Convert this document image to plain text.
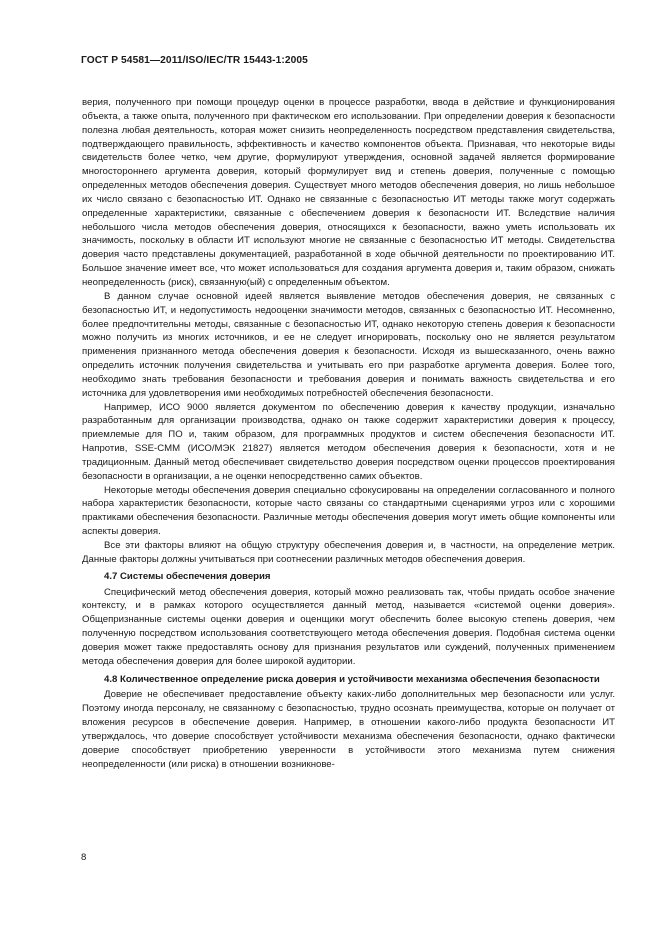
ГОСТ Р 54581—2011/ISO/IEC/TR 15443-1:2005

верия, полученного при помощи процедур оценки в процессе разработки, ввода в действие и функционирования объекта, а также опыта, полученного при фактическом его использовании. При определении доверия к безопасности полезна любая деятельность, которая может снизить неопределенность посредством представления свидетельства, подтверждающего правильность, эффективность и качество компонентов объекта. Признавая, что некоторые виды свидетельств более четко, чем другие, формулируют утверждения, основной задачей является формирование многостороннего аргумента доверия, который формулирует вид и степень доверия, полученные с помощью определенных методов обеспечения доверия. Существует много методов обеспечения доверия, но лишь небольшое их число связано с безопасностью ИТ. Однако не связанные с безопасностью ИТ методы также могут содержать определенные характеристики, связанные с обеспечением доверия к безопасности ИТ. Вследствие наличия небольшого числа методов обеспечения доверия, относящихся к безопасности, важно уметь использовать их значимость, поскольку в области ИТ используют многие не связанные с безопасностью ИТ методы. Свидетельства доверия часто представлены документацией, разработанной в ходе обычной деятельности по проектированию ИТ. Большое значение имеет все, что может использоваться для создания аргумента доверия и, таким образом, снижать неопределенность (риск), связанную(ый) с определенным объектом.

В данном случае основной идеей является выявление методов обеспечения доверия, не связанных с безопасностью ИТ, и недопустимость недооценки значимости методов, связанных с безопасностью ИТ. Несомненно, более предпочтительны методы, связанные с безопасностью ИТ, однако некоторую степень доверия к безопасности можно получить из многих источников, и ее не следует игнорировать, поскольку оно не является результатом применения признанного метода обеспечения доверия к безопасности. Исходя из вышесказанного, очень важно определить источник получения свидетельства и учитывать его при разработке аргумента доверия. Более того, необходимо знать требования безопасности и требования доверия и понимать важность свидетельства и его источника для удовлетворения ими необходимых потребностей обеспечения безопасности.

Например, ИСО 9000 является документом по обеспечению доверия к качеству продукции, изначально разработанным для организации производства, однако он также содержит характеристики доверия к процессу, приемлемые для ПО и, таким образом, для программных продуктов и систем обеспечения безопасности ИТ. Напротив, SSE-CMM (ИСО/МЭК 21827) является методом обеспечения доверия к безопасности, хотя и не традиционным. Данный метод обеспечивает свидетельство доверия посредством оценки процессов проектирования безопасности в организации, а не оценки непосредственно самих объектов.

Некоторые методы обеспечения доверия специально сфокусированы на определении согласованного и полного набора характеристик безопасности, которые часто связаны со стандартными сценариями угроз или с хорошими практиками обеспечения безопасности. Различные методы обеспечения доверия могут иметь общие компоненты или аспекты доверия.

Все эти факторы влияют на общую структуру обеспечения доверия и, в частности, на определение метрик. Данные факторы должны учитываться при соотнесении различных методов обеспечения доверия.

4.7 Системы обеспечения доверия

Специфический метод обеспечения доверия, который можно реализовать так, чтобы придать особое значение контексту, и в рамках которого осуществляется данный метод, называется «системой оценки доверия». Общепризнанные системы оценки доверия и оценщики могут обеспечить более высокую степень доверия, чем полученную посредством использования соответствующего метода обеспечения доверия. Подобная система оценки доверия может также предоставлять основу для признания результатов или суждений, полученных применением метода обеспечения доверия для более широкой аудитории.

4.8 Количественное определение риска доверия и устойчивости механизма обеспечения безопасности

Доверие не обеспечивает предоставление объекту каких-либо дополнительных мер безопасности или услуг. Поэтому иногда персоналу, не связанному с безопасностью, трудно осознать преимущества, которые он получает от вложения ресурсов в обеспечение доверия. Например, в отношении какого-либо продукта безопасности ИТ утверждалось, что доверие способствует устойчивости механизма обеспечения безопасности, однако фактически доверие способствует приобретению уверенности в устойчивости этого механизма путем снижения неопределенности (или риска) в отношении возникнове-

8
